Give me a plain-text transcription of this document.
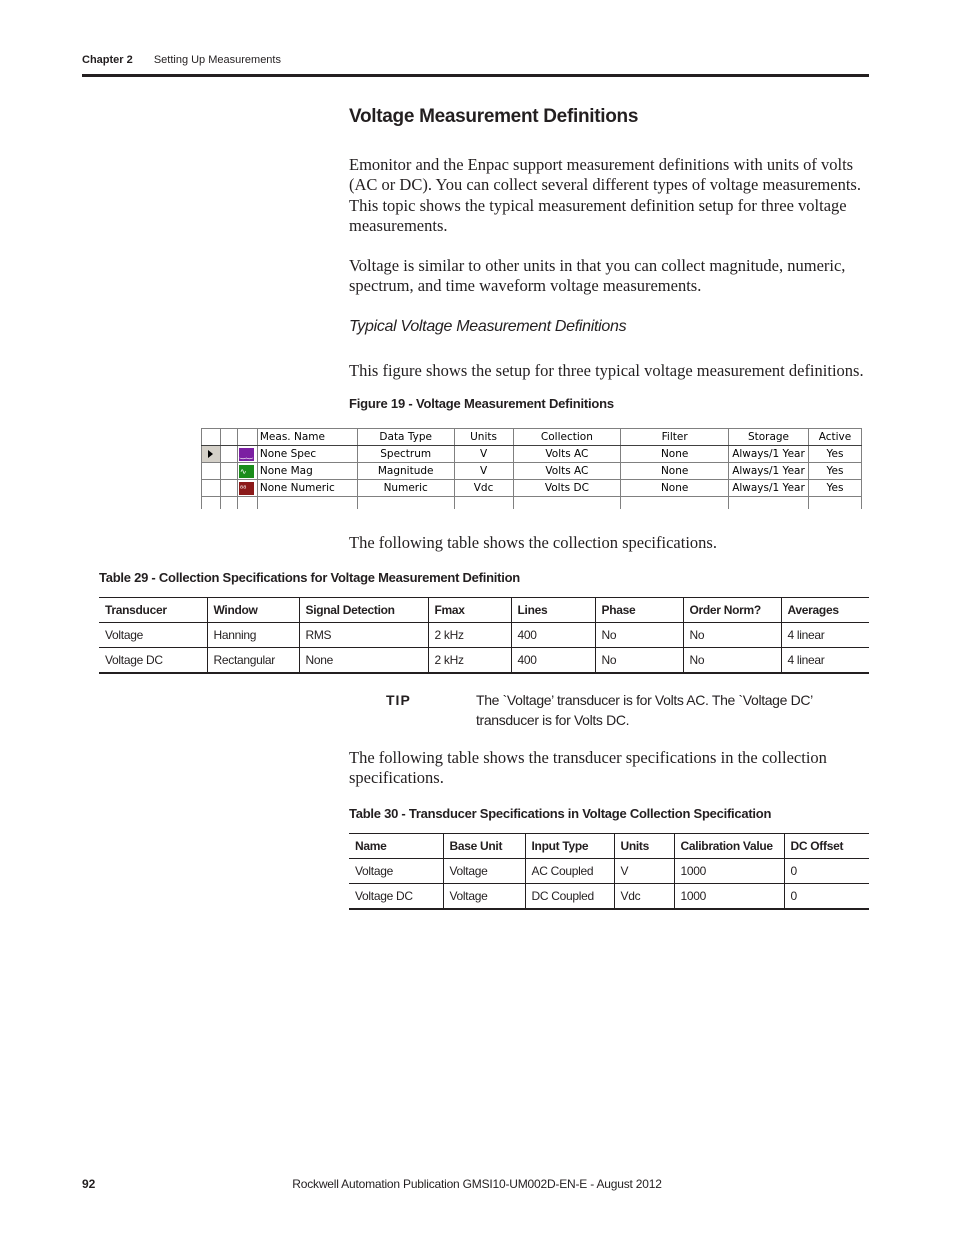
Chapter 2 Setting Up Measurements
Voltage Measurement Definitions
Emonitor and the Enpac support measurement definitions with units of volts (AC or DC). You can collect several different types of voltage measurements. This topic shows the typical measurement definition setup for three voltage measurements.
Voltage is similar to other units in that you can collect magnitude, numeric, spectrum, and time waveform voltage measurements.
Typical Voltage Measurement Definitions
This figure shows the setup for three typical voltage measurement definitions.
Figure 19 - Voltage Measurement Definitions
			Meas. Name	Data Type	Units	Collection	Filter	Storage	Active

		‿‿	None Spec	Spectrum	V	Volts AC	None	Always/1 Year	Yes

		∿	None Mag	Magnitude	V	Volts AC	None	Always/1 Year	Yes

		⁸⁸	None Numeric	Numeric	Vdc	Volts DC	None	Always/1 Year	Yes

The following table shows the collection specifications.
Table 29 - Collection Specifications for Voltage Measurement Definition
Transducer	Window	Signal Detection	Fmax	Lines	Phase	Order Norm?	Averages
Voltage	Hanning	RMS	2 kHz	400	No	No	4 linear
Voltage DC	Rectangular	None	2 kHz	400	No	No	4 linear
TIP	The `Voltage’ transducer is for Volts AC. The `Voltage DC’ transducer is for Volts DC.
The following table shows the transducer specifications in the collection specifications.
Table 30 - Transducer Specifications in Voltage Collection Specification
Name	Base Unit	Input Type	Units	Calibration Value	DC Offset
Voltage	Voltage	AC Coupled	V	1000	0
Voltage DC	Voltage	DC Coupled	Vdc	1000	0
92	Rockwell Automation Publication GMSI10-UM002D-EN-E - August 2012
